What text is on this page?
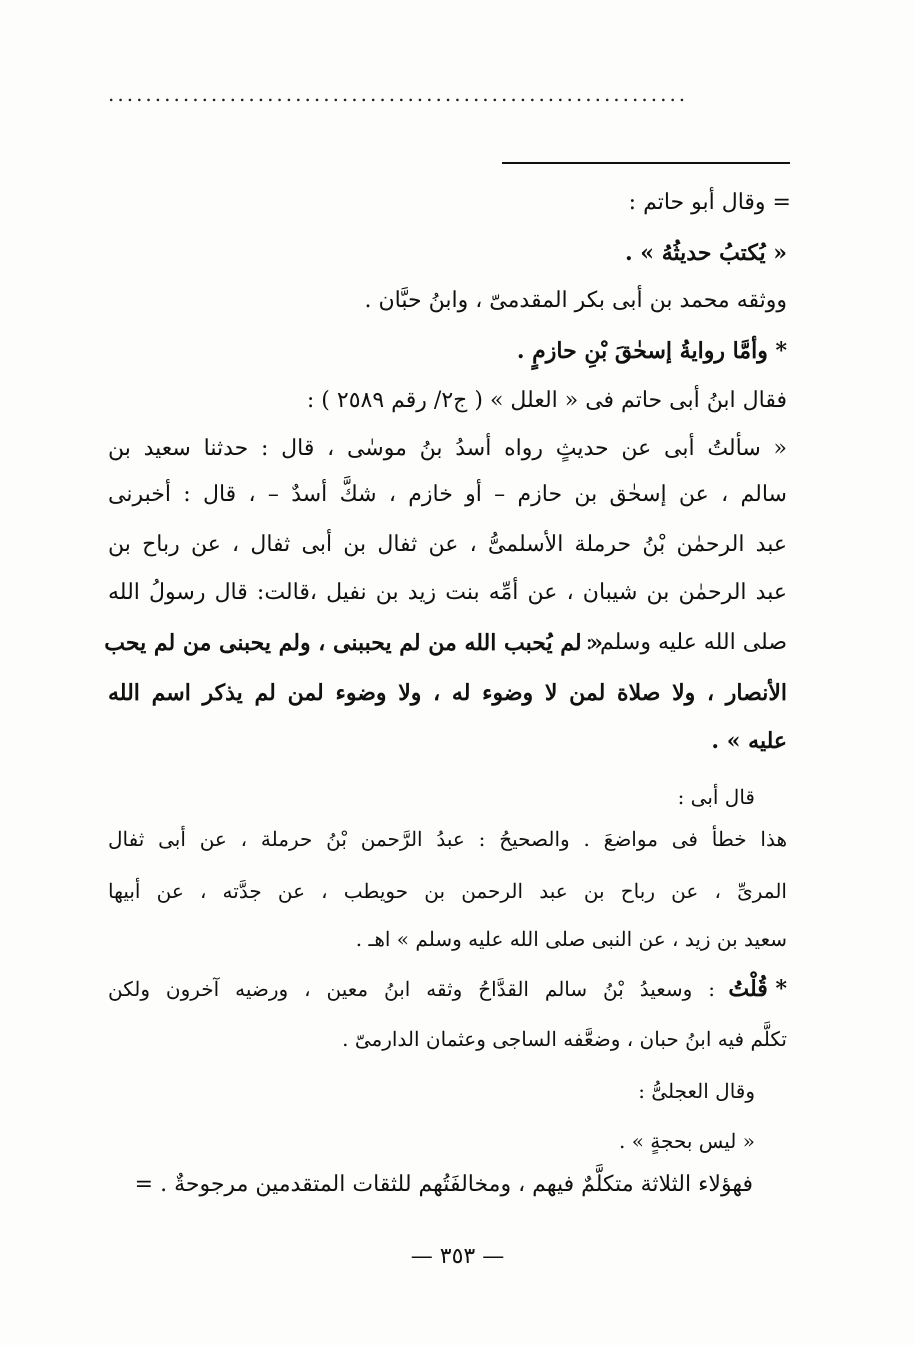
..............................................................
= وقال أبو حاتم :
« يُكتبُ حديثُهُ » .
ووثقه محمد بن أبى بكر المقدمىّ ، وابنُ حبَّان .
* وأمَّا روايةُ إسحٰقَ بْنِ حازمٍ .
فقال ابنُ أبى حاتم فى « العلل » ( ج٢/ رقم ٢٥٨٩ ) :
« سألتُ أبى عن حديثٍ رواه أسدُ بنُ موسٰى ، قال : حدثنا سعيد بن
سالم ، عن إسحٰق بن حازم – أو خازم ، شكَّ أسدٌ – ، قال : أخبرنى
عبد الرحمٰن بْنُ حرملة الأسلمىُّ ، عن ثفال بن أبى ثفال ، عن رباح بن
عبد الرحمٰن بن شيبان ، عن أمِّه بنت زيد بن نفيل ،قالت: قال رسولُ الله
صلى الله عليه وسلم :
« لم يُحبب الله من لم يحببنى ، ولم يحبنى من لم يحب
الأنصار ، ولا صلاة لمن لا وضوء له ، ولا وضوء لمن لم يذكر اسم الله
عليه » .
قال أبى :
هذا خطأ فى مواضعَ . والصحيحُ : عبدُ الرَّحمن بْنُ حرملة ، عن أبى ثفال
المرىِّ ، عن رباح بن عبد الرحمن بن حويطب ، عن جدَّته ، عن أبيها
سعيد بن زيد ، عن النبى صلى الله عليه وسلم » اهـ .
* قُلْتُ
: وسعيدُ بْنُ سالم القدَّاحُ وثقه ابنُ معين ، ورضيه آخرون ولكن
تكلَّم فيه ابنُ حبان ، وضعَّفه الساجى وعثمان الدارمىّ .
وقال العجلىُّ :
« ليس بحجةٍ » .
فهؤلاء الثلاثة متكلَّمٌ فيهم ، ومخالفَتُهم للثقات المتقدمين مرجوحةٌ . =
— ٣٥٣ —
